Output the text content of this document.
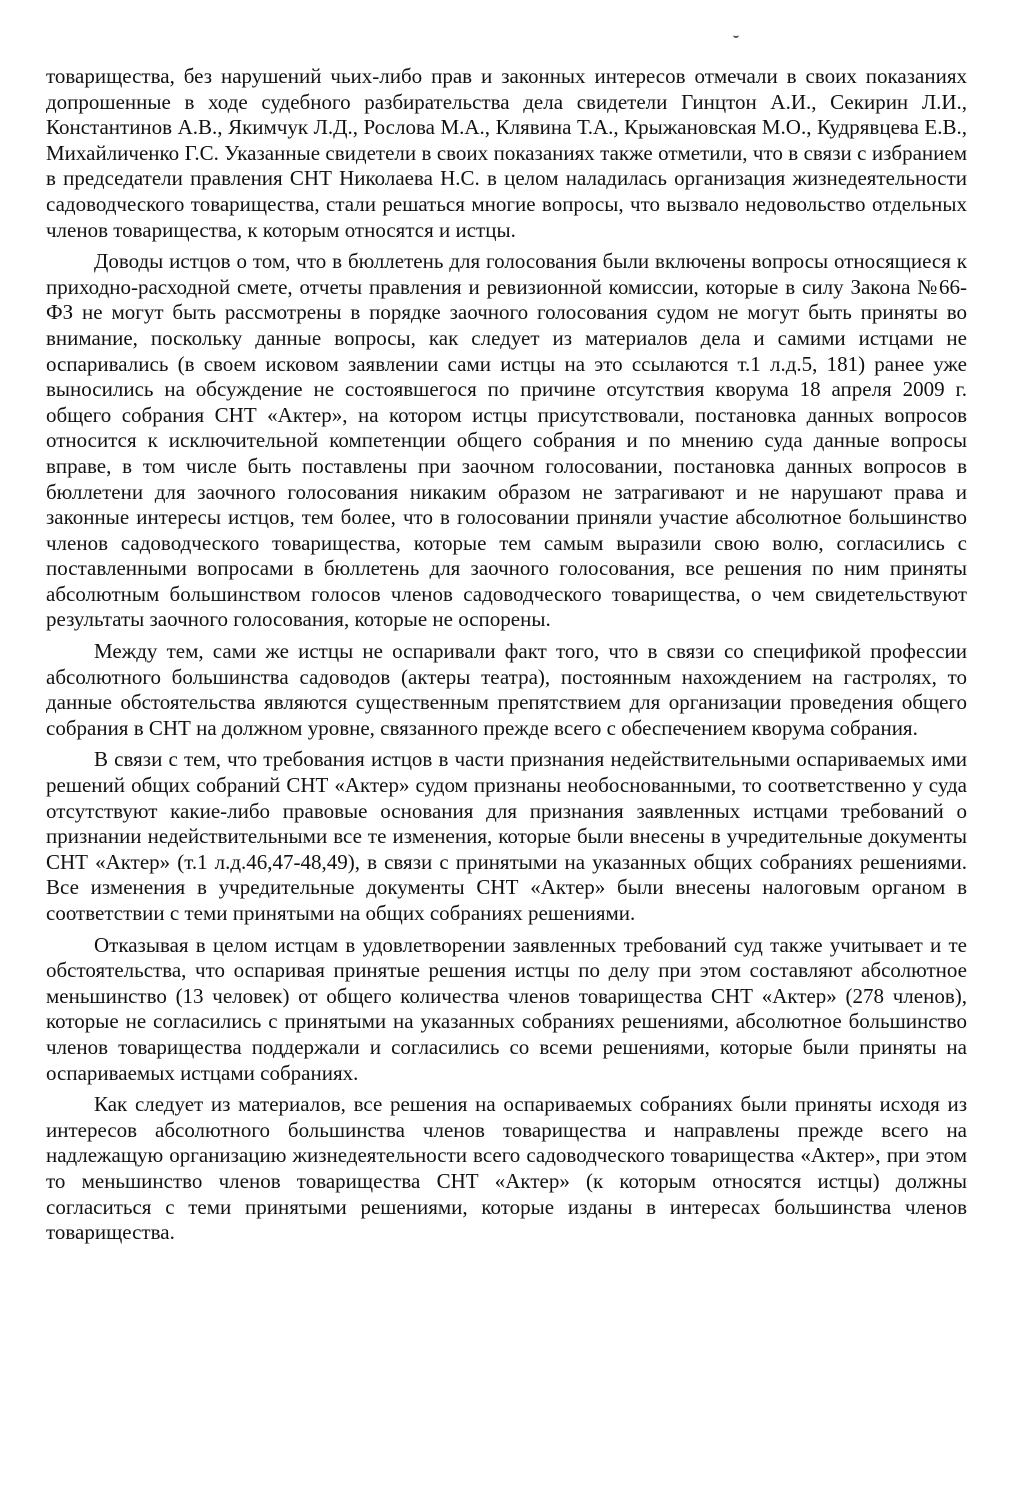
товарищества, без нарушений чьих-либо прав и законных интересов отмечали в своих показаниях допрошенные в ходе судебного разбирательства дела свидетели Гинцтон А.И., Секирин Л.И., Константинов А.В., Якимчук Л.Д., Рослова М.А., Клявина Т.А., Крыжановская М.О., Кудрявцева Е.В., Михайличенко Г.С. Указанные свидетели в своих показаниях также отметили, что в связи с избранием в председатели правления СНТ Николаева Н.С. в целом наладилась организация жизнедеятельности садоводческого товарищества, стали решаться многие вопросы, что вызвало недовольство отдельных членов товарищества, к которым относятся и истцы.

Доводы истцов о том, что в бюллетень для голосования были включены вопросы относящиеся к приходно-расходной смете, отчеты правления и ревизионной комиссии, которые в силу Закона №66-ФЗ не могут быть рассмотрены в порядке заочного голосования судом не могут быть приняты во внимание, поскольку данные вопросы, как следует из материалов дела и самими истцами не оспаривались (в своем исковом заявлении сами истцы на это ссылаются т.1 л.д.5, 181) ранее уже выносились на обсуждение не состоявшегося по причине отсутствия кворума 18 апреля 2009 г. общего собрания СНТ «Актер», на котором истцы присутствовали, постановка данных вопросов относится к исключительной компетенции общего собрания и по мнению суда данные вопросы вправе, в том числе быть поставлены при заочном голосовании, постановка данных вопросов в бюллетени для заочного голосования никаким образом не затрагивают и не нарушают права и законные интересы истцов, тем более, что в голосовании приняли участие абсолютное большинство членов садоводческого товарищества, которые тем самым выразили свою волю, согласились с поставленными вопросами в бюллетень для заочного голосования, все решения по ним приняты абсолютным большинством голосов членов садоводческого товарищества, о чем свидетельствуют результаты заочного голосования, которые не оспорены.

Между тем, сами же истцы не оспаривали факт того, что в связи со спецификой профессии абсолютного большинства садоводов (актеры театра), постоянным нахождением на гастролях, то данные обстоятельства являются существенным препятствием для организации проведения общего собрания в СНТ на должном уровне, связанного прежде всего с обеспечением кворума собрания.

В связи с тем, что требования истцов в части признания недействительными оспариваемых ими решений общих собраний СНТ «Актер» судом признаны необоснованными, то соответственно у суда отсутствуют какие-либо правовые основания для признания заявленных истцами требований о признании недействительными все те изменения, которые были внесены в учредительные документы СНТ «Актер» (т.1 л.д.46,47-48,49), в связи с принятыми на указанных общих собраниях решениями. Все изменения в учредительные документы СНТ «Актер» были внесены налоговым органом в соответствии с теми принятыми на общих собраниях решениями.

Отказывая в целом истцам в удовлетворении заявленных требований суд также учитывает и те обстоятельства, что оспаривая принятые решения истцы по делу при этом составляют абсолютное меньшинство (13 человек) от общего количества членов товарищества СНТ «Актер» (278 членов), которые не согласились с принятыми на указанных собраниях решениями, абсолютное большинство членов товарищества поддержали и согласились со всеми решениями, которые были приняты на оспариваемых истцами собраниях.

Как следует из материалов, все решения на оспариваемых собраниях были приняты исходя из интересов абсолютного большинства членов товарищества и направлены прежде всего на надлежащую организацию жизнедеятельности всего садоводческого товарищества «Актер», при этом то меньшинство членов товарищества СНТ «Актер» (к которым относятся истцы) должны согласиться с теми принятыми решениями, которые изданы в интересах большинства членов товарищества.
